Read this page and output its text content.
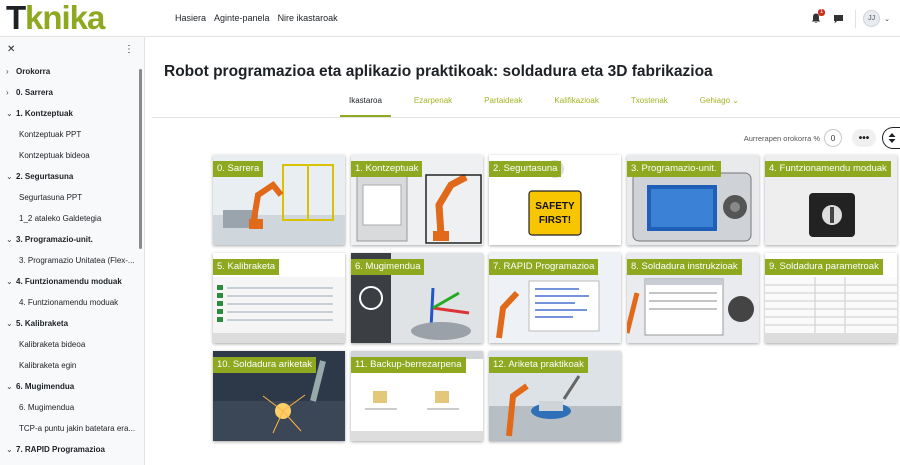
T knika	Hasiera Aginte-panela Nire ikastaroak
1
JJ	⌄
✕	⋮
› Orokorra
› 0. Sarrera
⌄ 1. Kontzeptuak
Kontzeptuak PPT
Kontzeptuak bideoa
⌄ 2. Segurtasuna
Segurtasuna PPT
1_2 ataleko Galdetegia
⌄ 3. Programazio-unit.
3. Programazio Unitatea (Flex-...
⌄ 4. Funtzionamendu moduak
4. Funtzionamendu moduak
⌄ 5. Kalibraketa
Kalibraketa bideoa
Kalibraketa egin
⌄ 6. Mugimendua
6. Mugimendua
TCP-a puntu jakin batetara era...
⌄ 7. RAPID Programazioa
Robot programazioa eta aplikazio praktikoak: soldadura eta 3D fabrikazioa
Ikastaroa	Ezarpenak	Partaideak	Kalifikazioak	Txostenak	Gehiago ⌄
Aurrerapen orokorra %	0	•••
0. Sarrera	1. Kontzeptuak
SAFETY
FIRST!
2. Segurtasuna	3. Programazio-unit.	4. Funtzionamendu moduak
5. Kalibraketa	6. Mugimendua	7. RAPID Programazioa	8. Soldadura instrukzioak	9. Soldadura parametroak
10. Soldadura ariketak	11. Backup-berrezarpena	12. Ariketa praktikoak
